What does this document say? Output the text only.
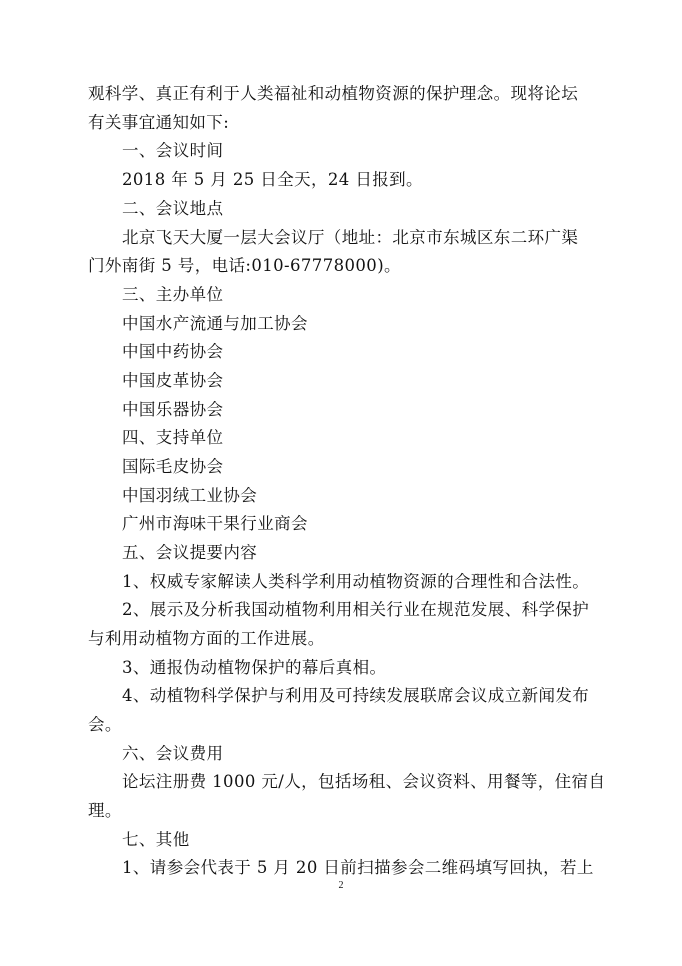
观科学、真正有利于人类福祉和动植物资源的保护理念。现将论坛
有关事宜通知如下:
一、会议时间
2018 年 5 月 25 日全天，24 日报到。
二、会议地点
北京飞天大厦一层大会议厅（地址：北京市东城区东二环广渠
门外南街 5 号，电话:010-67778000)。
三、主办单位
中国水产流通与加工协会
中国中药协会
中国皮革协会
中国乐器协会
四、支持单位
国际毛皮协会
中国羽绒工业协会
广州市海味干果行业商会
五、会议提要内容
1、权威专家解读人类科学利用动植物资源的合理性和合法性。
2、展示及分析我国动植物利用相关行业在规范发展、科学保护
与利用动植物方面的工作进展。
3、通报伪动植物保护的幕后真相。
4、动植物科学保护与利用及可持续发展联席会议成立新闻发布
会。
六、会议费用
论坛注册费 1000 元/人，包括场租、会议资料、用餐等，住宿自
理。
七、其他
1、请参会代表于 5 月 20 日前扫描参会二维码填写回执，若上
2
